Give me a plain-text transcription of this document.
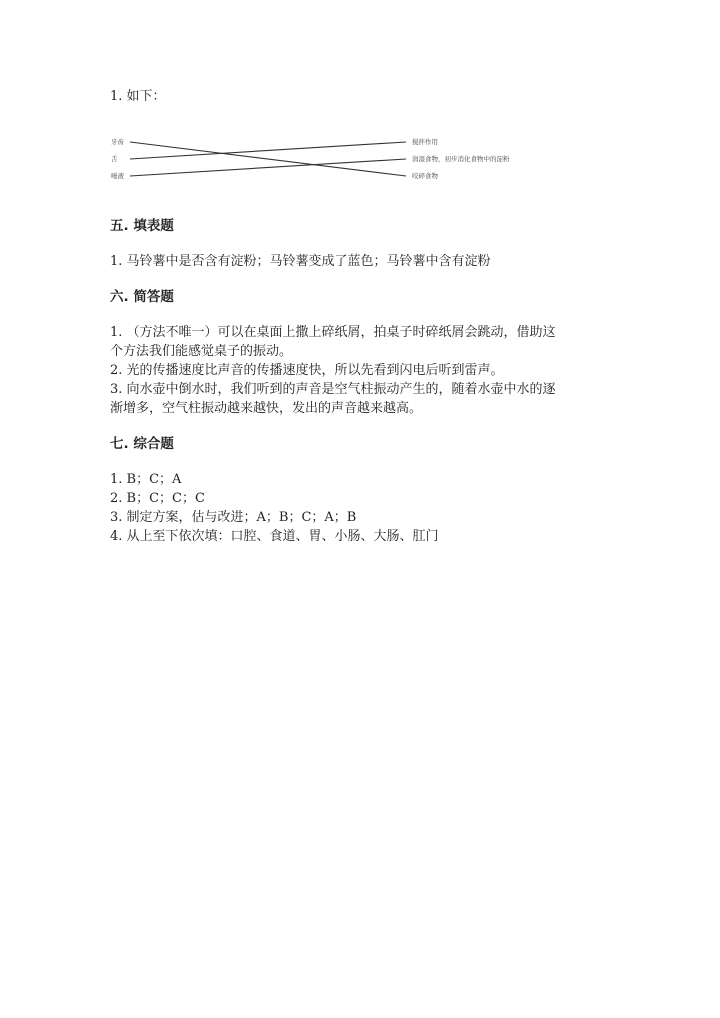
1. 如下：
牙齿
舌
唾液
搅拌作用
润湿食物，初步消化食物中的淀粉
咬碎食物
五. 填表题
1. 马铃薯中是否含有淀粉；马铃薯变成了蓝色；马铃薯中含有淀粉
六. 简答题
1. （方法不唯一）可以在桌面上撒上碎纸屑，拍桌子时碎纸屑会跳动，借助这
个方法我们能感觉桌子的振动。
2. 光的传播速度比声音的传播速度快，所以先看到闪电后听到雷声。
3. 向水壶中倒水时，我们听到的声音是空气柱振动产生的，随着水壶中水的逐
渐增多，空气柱振动越来越快，发出的声音越来越高。
七. 综合题
1. B；C；A
2. B；C；C；C
3. 制定方案，估与改进；A；B；C；A；B
4. 从上至下依次填：口腔、食道、胃、小肠、大肠、肛门
